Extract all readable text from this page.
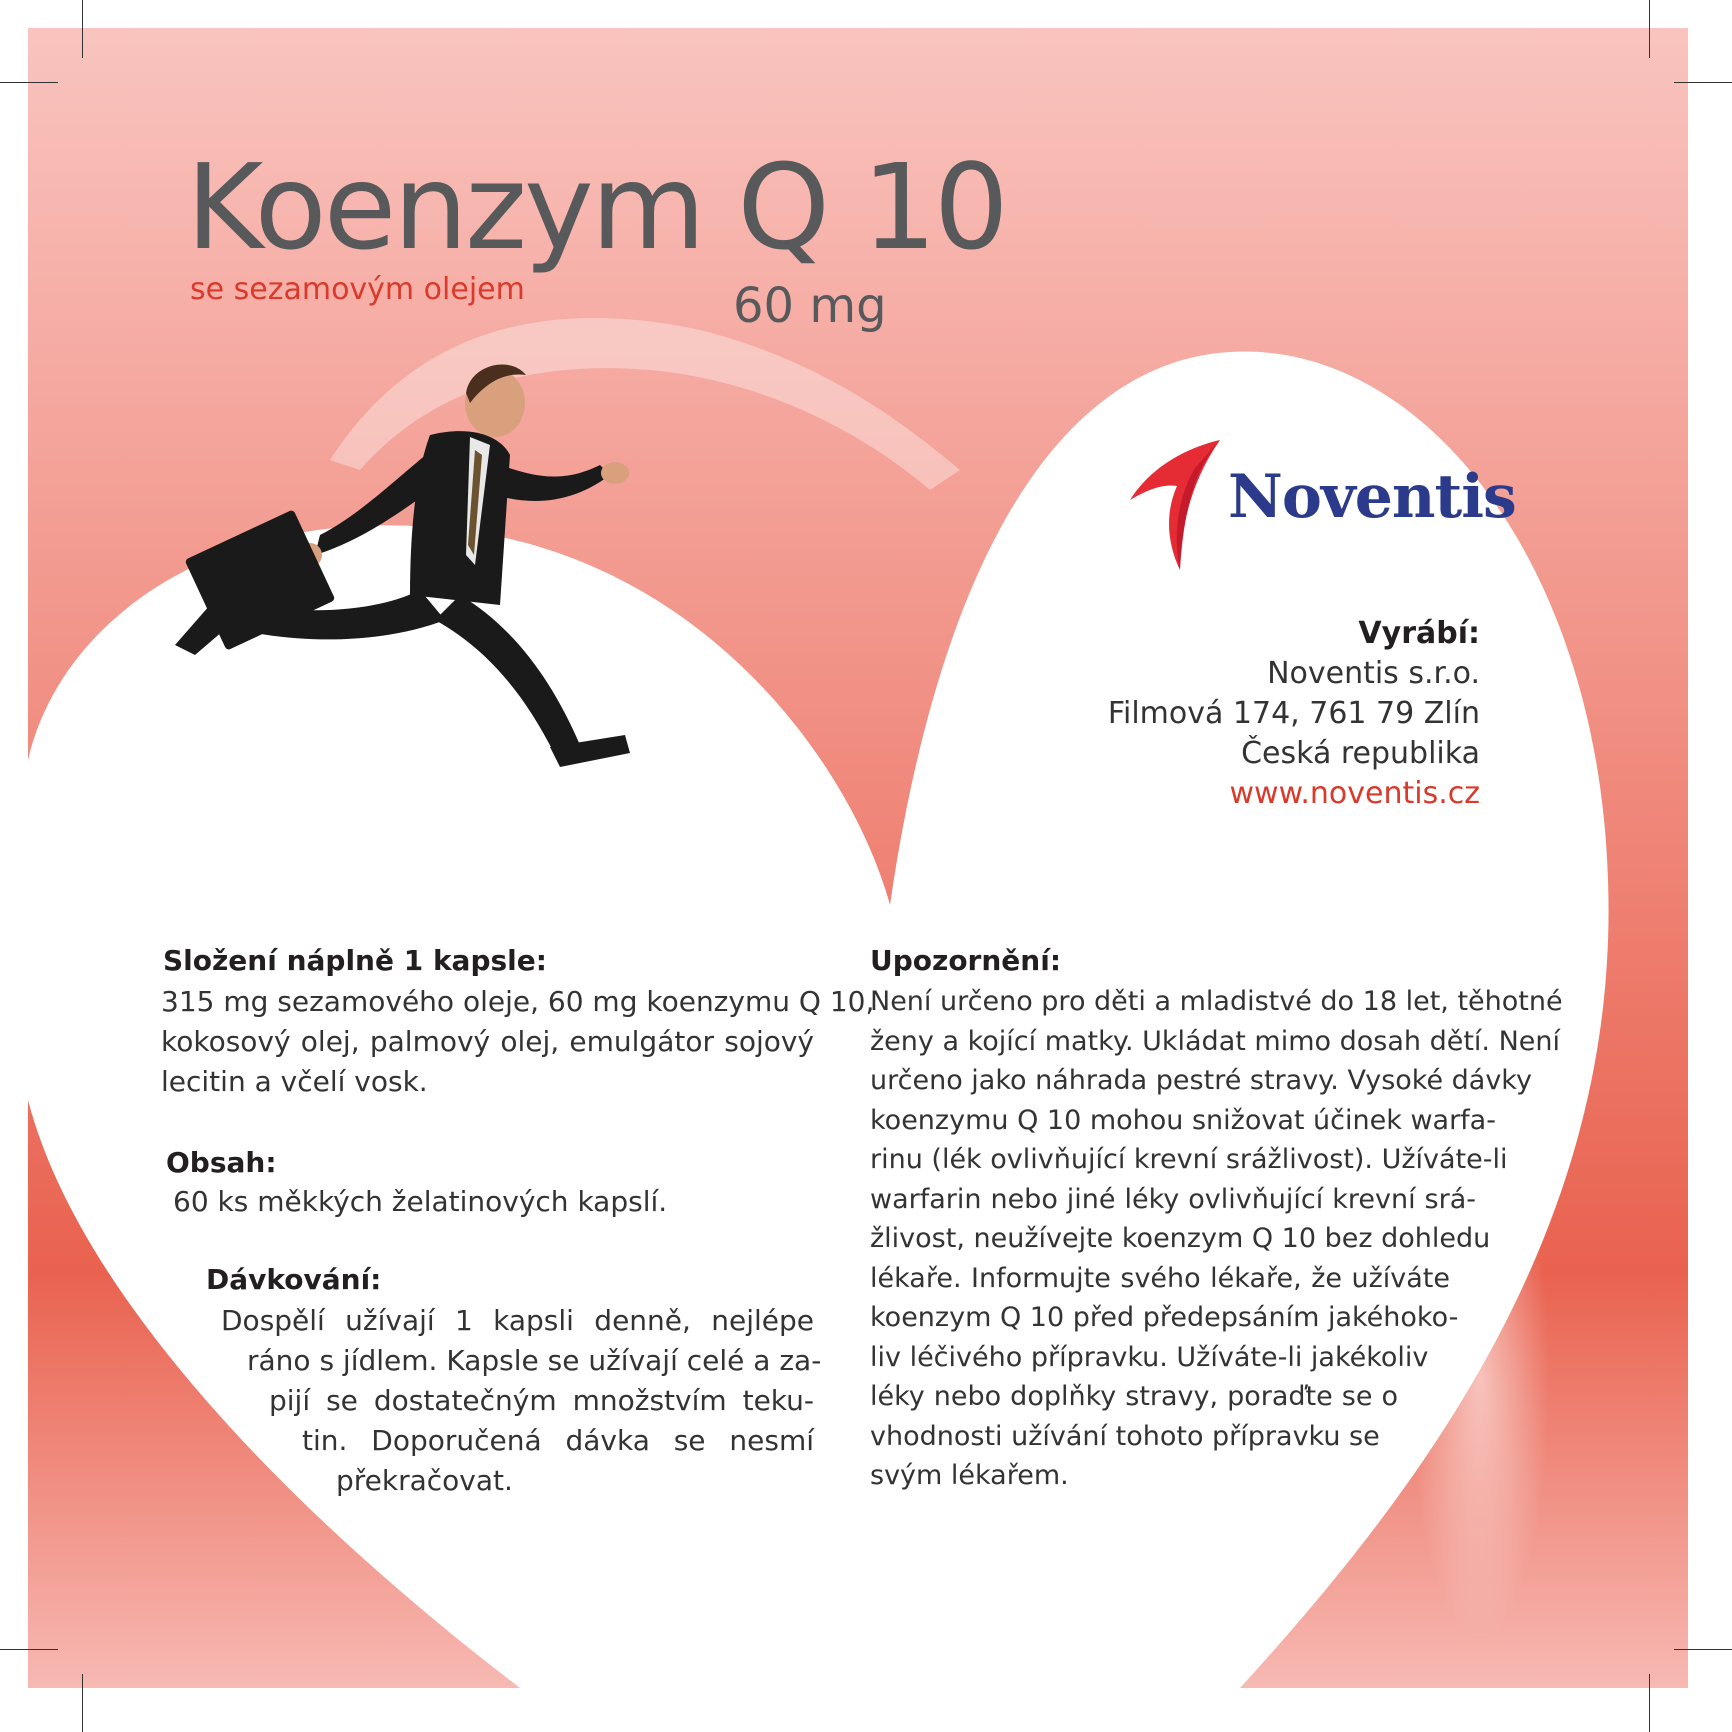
Koenzym Q 10
se sezamovým olejem	60 mg
Noventis
Vyrábí:
Noventis s.r.o.
Filmová 174, 761 79 Zlín
Česká republika
www.noventis.cz
Složení náplně 1 kapsle:
315 mg sezamového oleje, 60 mg koenzymu Q 10,
kokosový olej, palmový olej, emulgátor sojový
lecitin a včelí vosk.
Obsah:
60 ks měkkých želatinových kapslí.
Dávkování:
Dospělí užívají 1 kapsli denně, nejlépe
ráno s jídlem. Kapsle se užívají celé a za-
pijí se dostatečným množstvím teku-
tin. Doporučená dávka se nesmí
překračovat.
Upozornění:
Není určeno pro děti a mladistvé do 18 let, těhotné
ženy a kojící matky. Ukládat mimo dosah dětí. Není
určeno jako náhrada pestré stravy. Vysoké dávky
koenzymu Q 10 mohou snižovat účinek warfa-
rinu (lék ovlivňující krevní srážlivost). Užíváte-li
warfarin nebo jiné léky ovlivňující krevní srá-
žlivost, neužívejte koenzym Q 10 bez dohledu
lékaře. Informujte svého lékaře, že užíváte
koenzym Q 10 před předepsáním jakéhoko-
liv léčivého přípravku. Užíváte-li jakékoliv
léky nebo doplňky stravy, poraďte se o
vhodnosti užívání tohoto přípravku se
svým lékařem.
